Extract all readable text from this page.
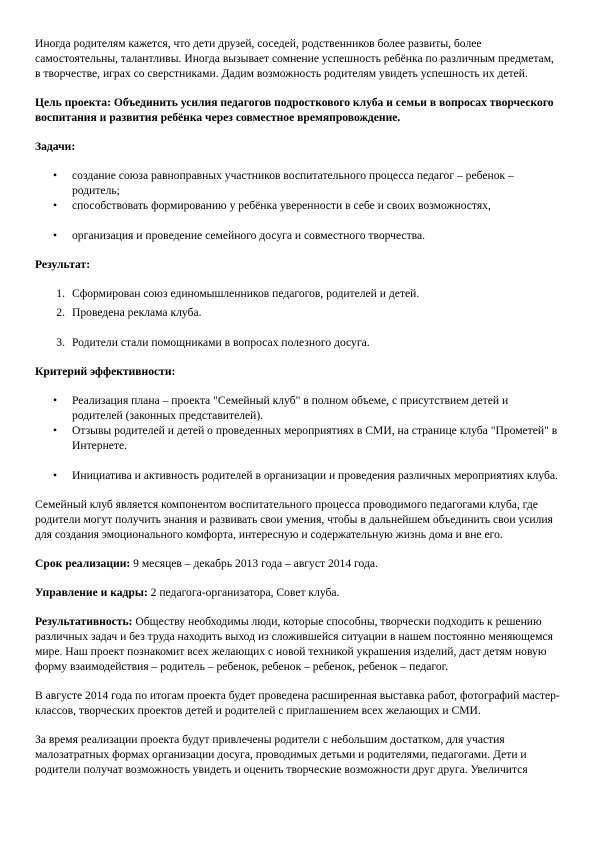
Иногда родителям кажется, что дети друзей, соседей, родственников более развиты, более самостоятельны, талантливы. Иногда вызывает сомнение успешность ребёнка по различным предметам, в творчестве, играх со сверстниками. Дадим возможность родителям увидеть успешность их детей.

Цель проекта: Объединить усилия педагогов подросткового клуба и семьи в вопросах творческого воспитания и развития ребёнка через совместное времяпровождение.

Задачи:
• создание союза равноправных участников воспитательного процесса педагог – ребенок – родитель;
• способствовать формированию у ребёнка уверенности в себе и своих возможностях,
• организация и проведение семейного досуга и совместного творчества.
Результат:
1. Сформирован союз единомышленников педагогов, родителей и детей.
2. Проведена реклама клуба.
3. Родители стали помощниками в вопросах полезного досуга.
Критерий эффективности:
• Реализация плана – проекта "Семейный клуб" в полном объеме, с присутствием детей и родителей (законных представителей).
• Отзывы родителей и детей о проведенных мероприятиях в СМИ, на странице клуба "Прометей" в Интернете.
• Инициатива и активность родителей в организации и проведения различных мероприятиях клуба.

Семейный клуб является компонентом воспитательного процесса проводимого педагогами клуба, где родители могут получить знания и развивать свои умения, чтобы в дальнейшем объединить свои усилия для создания эмоционального комфорта, интересную и содержательную жизнь дома и вне его.

Срок реализации: 9 месяцев – декабрь 2013 года – август 2014 года.

Управление и кадры: 2 педагога-организатора, Совет клуба.

Результативность: Обществу необходимы люди, которые способны, творчески подходить к решению различных задач и без труда находить выход из сложившейся ситуации в нашем постоянно меняющемся мире. Наш проект познакомит всех желающих с новой техникой украшения изделий, даст детям новую форму взаимодействия – родитель – ребенок, ребенок – ребенок, ребенок – педагог.

В августе 2014 года по итогам проекта будет проведена расширенная выставка работ, фотографий мастер-классов, творческих проектов детей и родителей с приглашением всех желающих и СМИ.

За время реализации проекта будут привлечены родители с небольшим достатком, для участия малозатратных формах организации досуга, проводимых детьми и родителями, педагогами. Дети и родители получат возможность увидеть и оценить творческие возможности друг друга. Увеличится
